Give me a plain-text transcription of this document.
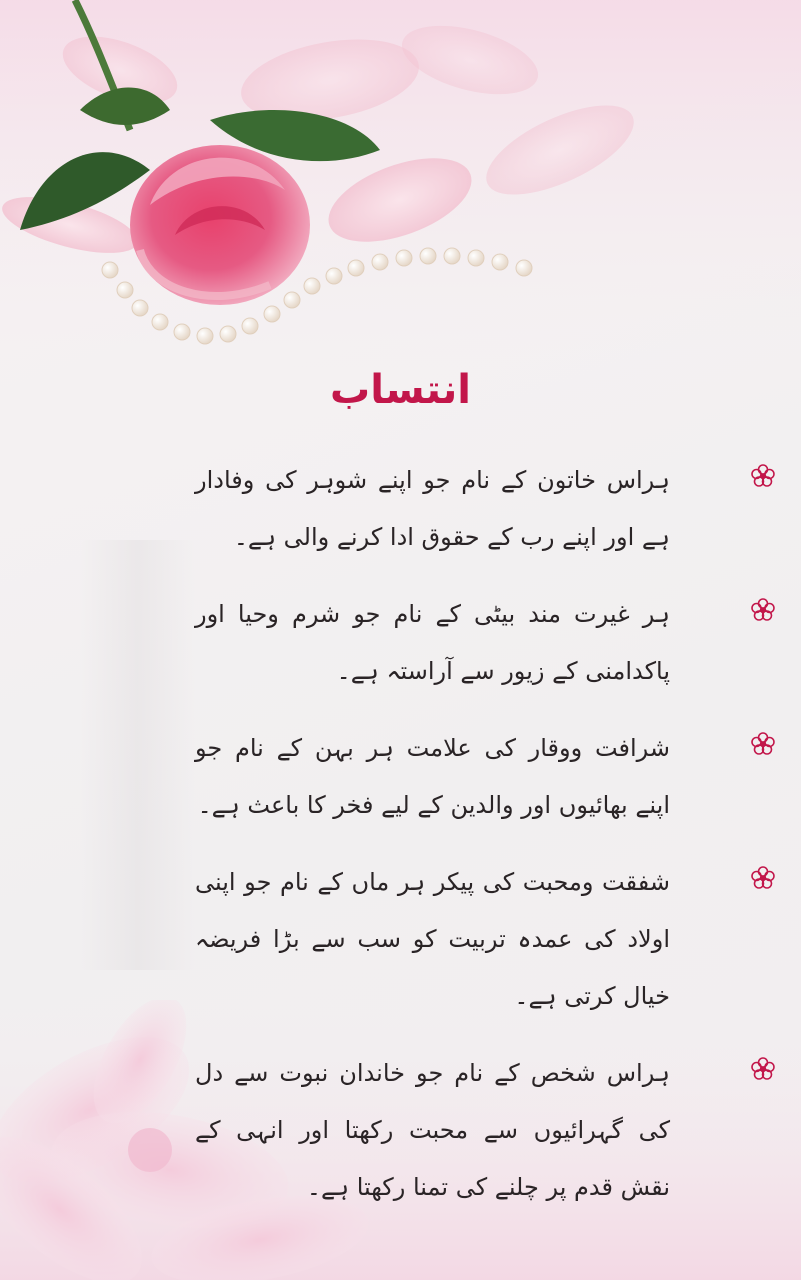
انتساب
ہراس خاتون کے نام جو اپنے شوہر کی وفادار ہے اور اپنے رب کے حقوق ادا کرنے والی ہے۔
ہر غیرت مند بیٹی کے نام جو شرم وحیا اور پاکدامنی کے زیور سے آراستہ ہے۔
شرافت ووقار کی علامت ہر بہن کے نام جو اپنے بھائیوں اور والدین کے لیے فخر کا باعث ہے۔
شفقت ومحبت کی پیکر ہر ماں کے نام جو اپنی اولاد کی عمدہ تربیت کو سب سے بڑا فریضہ خیال کرتی ہے۔
ہراس شخص کے نام جو خاندان نبوت سے دل کی گہرائیوں سے محبت رکھتا اور انہی کے نقش قدم پر چلنے کی تمنا رکھتا ہے۔
